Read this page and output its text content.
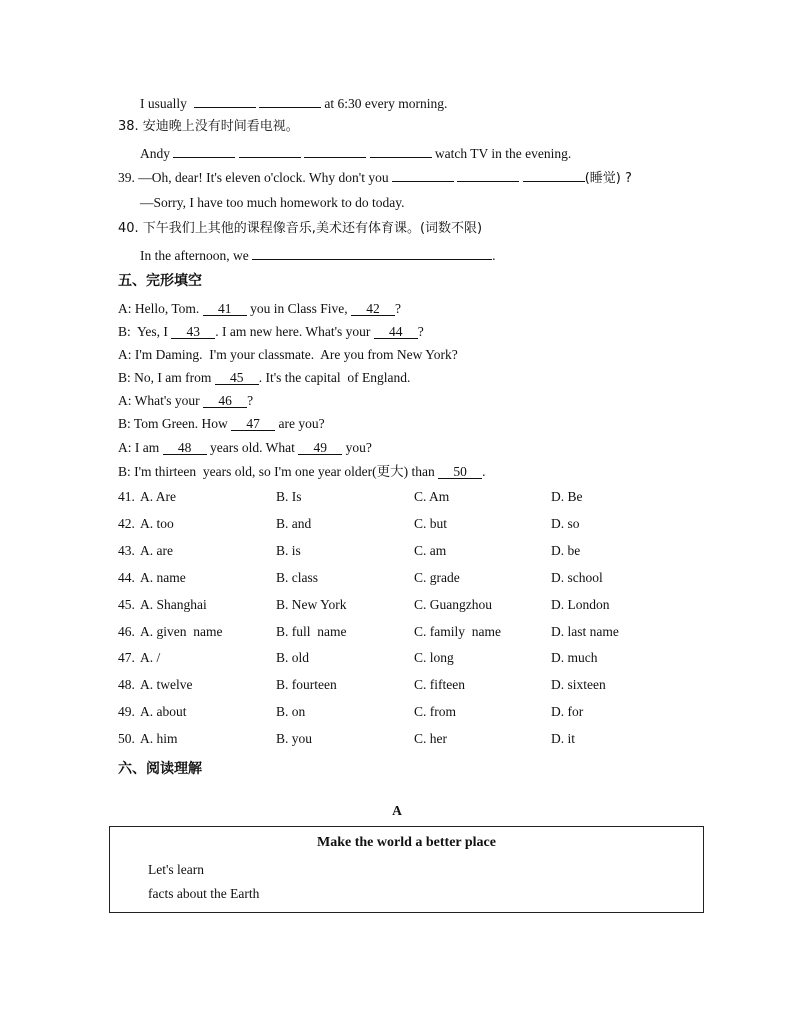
I usually	at 6:30 every morning.
38. 安迪晚上没有时间看电视。
Andy	watch TV in the evening.
39. —Oh, dear! It's eleven o'clock. Why don't you	(睡觉) ?
—Sorry, I have too much homework to do today.
40. 下午我们上其他的课程像音乐,美术还有体育课。(词数不限)
In the afternoon, we	.
五、完形填空
A: Hello, Tom. 41 you in Class Five, 42 ?
B:  Yes, I 43 . I am new here. What's your 44 ?
A: I'm Daming.  I'm your classmate.  Are you from New York?
B: No, I am from 45 . It's the capital  of England.
A: What's your 46 ?
B: Tom Green. How 47 are you?
A: I am 48 years old. What 49 you?
B: I'm thirteen  years old, so I'm one year older(更大) than 50 .
41. A. Are	B. Is	C. Am	D. Be
42. A. too	B. and	C. but	D. so
43. A. are	B. is	C. am	D. be
44. A. name	B. class	C. grade	D. school
45. A. Shanghai	B. New York	C. Guangzhou	D. London
46. A. given  name	B. full  name	C. family  name	D. last name
47. A. /	B. old	C. long	D. much
48. A. twelve	B. fourteen	C. fifteen	D. sixteen
49. A. about	B. on	C. from	D. for
50. A. him	B. you	C. her	D. it
六、阅读理解
A
Make the world a better place
Let's learn
facts about the Earth
